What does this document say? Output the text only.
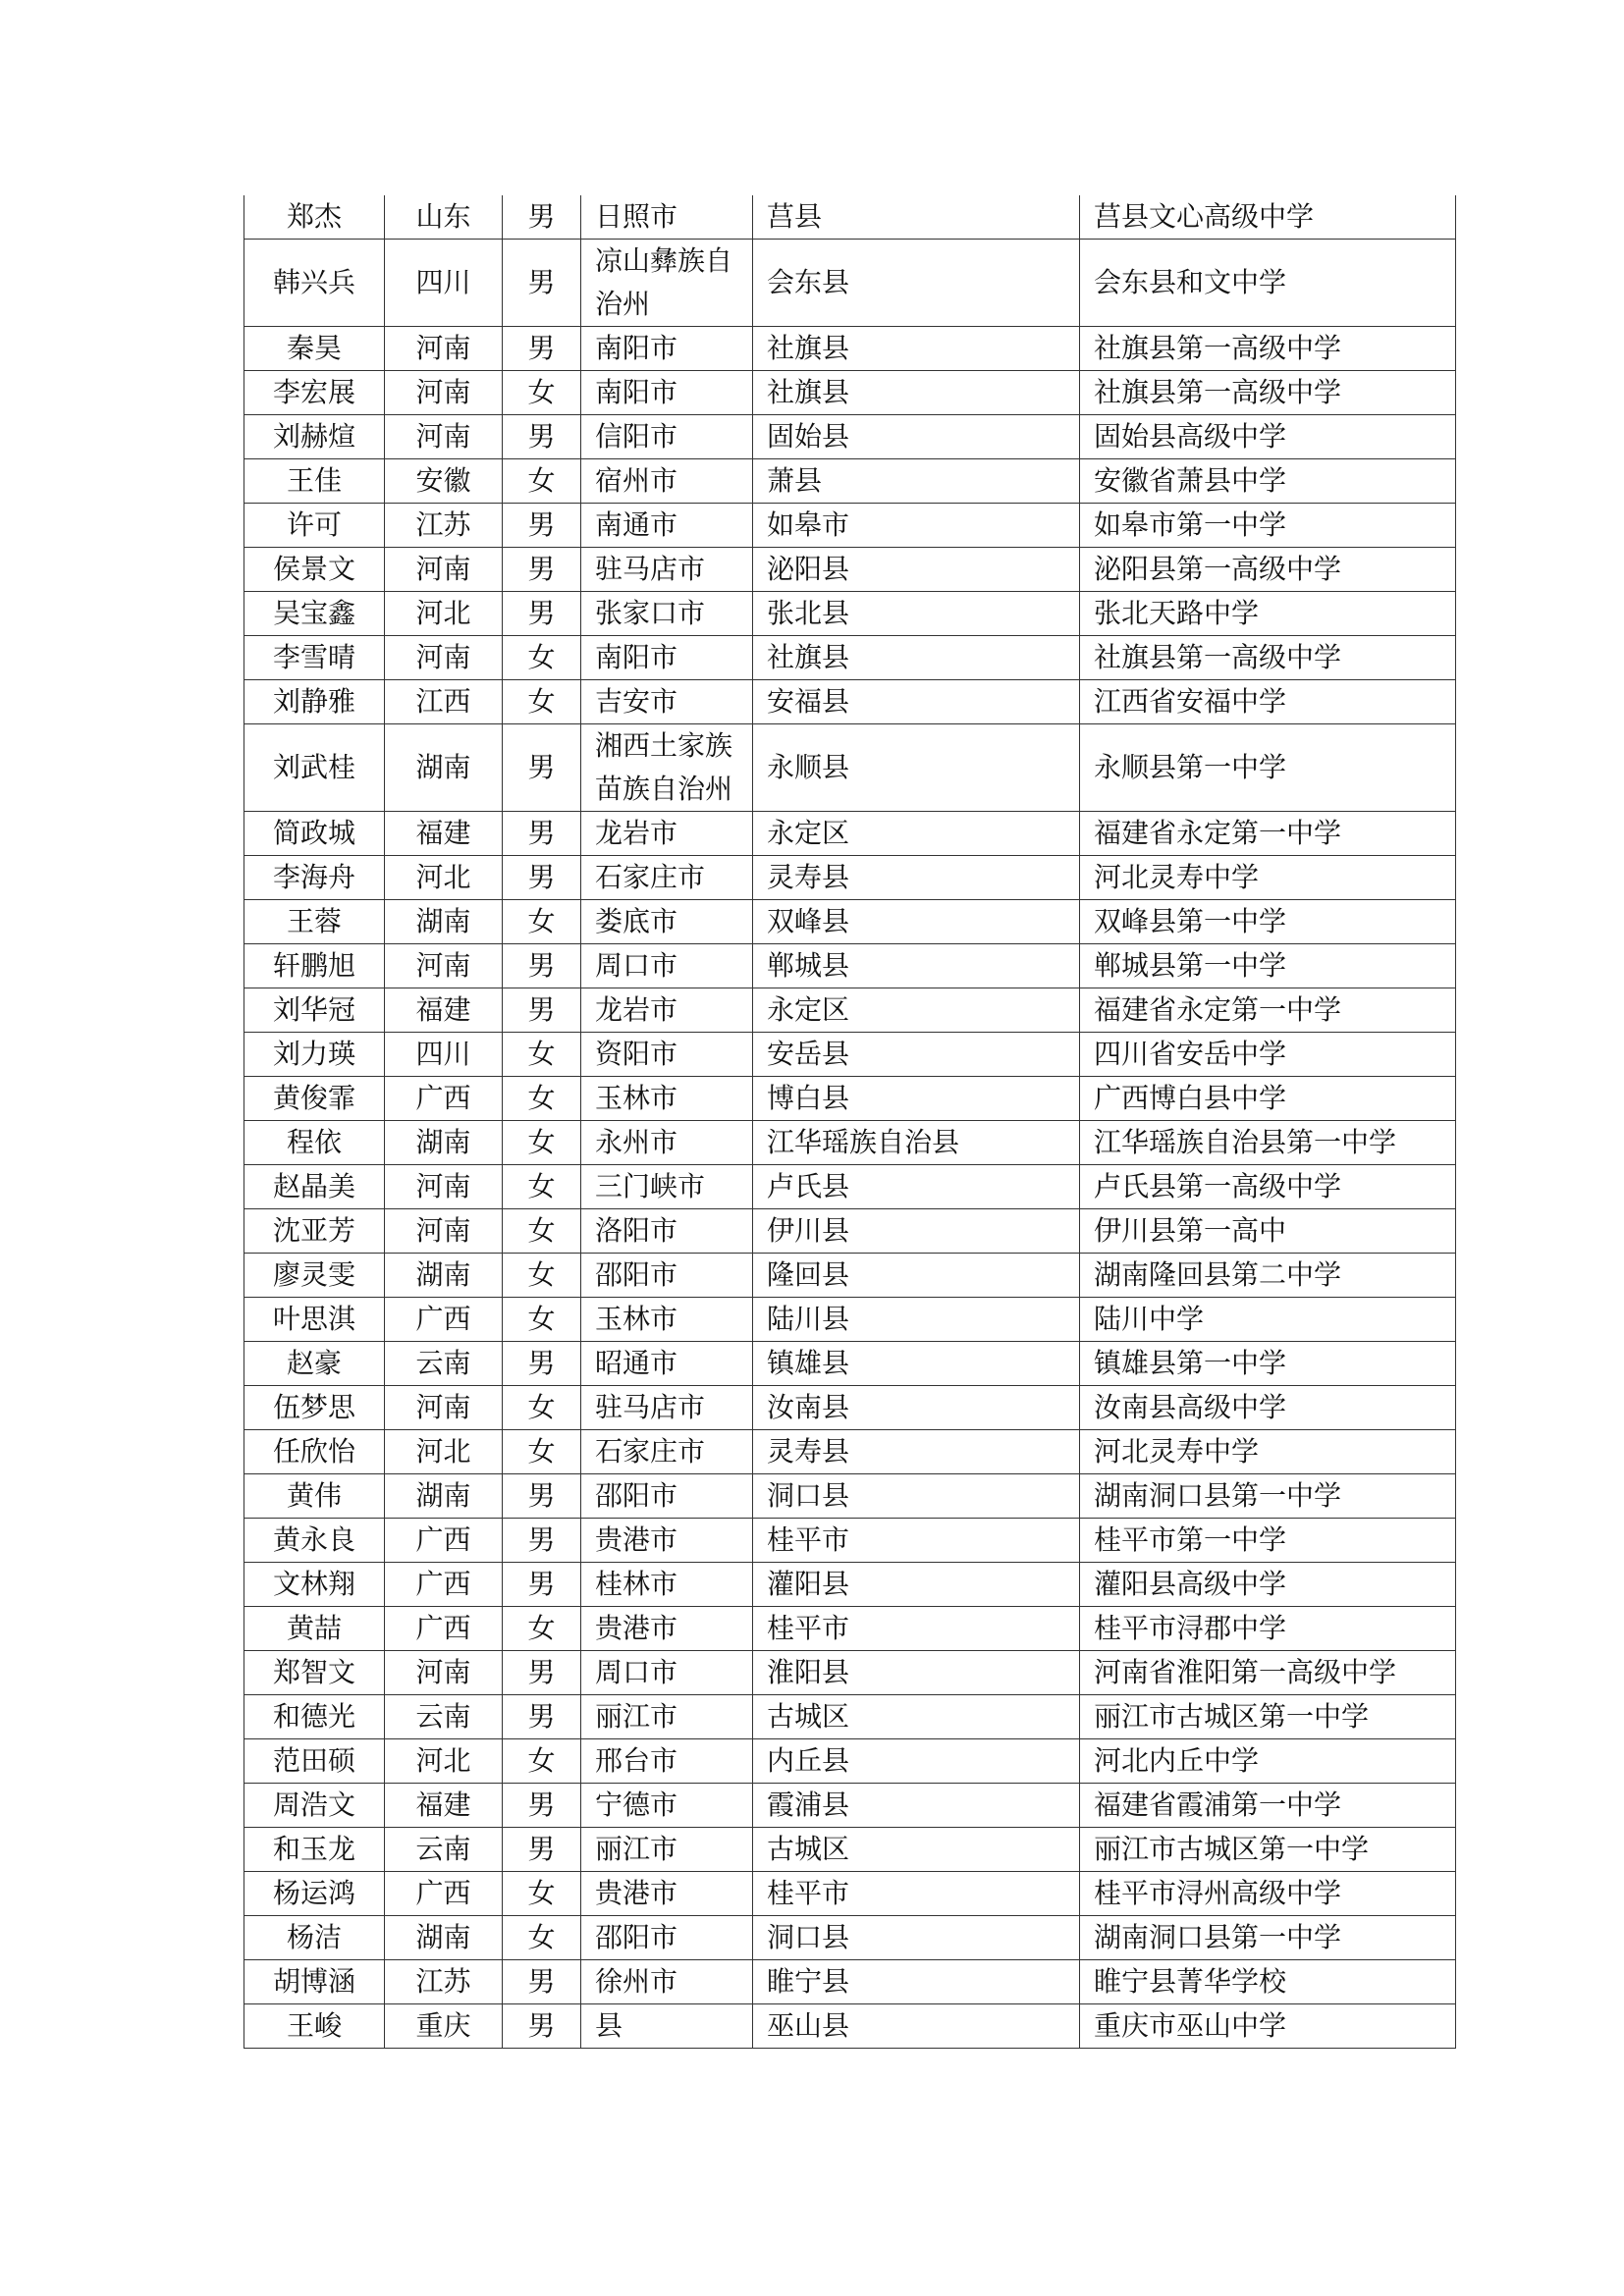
郑杰	山东	男	日照市	莒县	莒县文心高级中学
韩兴兵	四川	男	凉山彝族自治州	会东县	会东县和文中学
秦昊	河南	男	南阳市	社旗县	社旗县第一高级中学
李宏展	河南	女	南阳市	社旗县	社旗县第一高级中学
刘赫煊	河南	男	信阳市	固始县	固始县高级中学
王佳	安徽	女	宿州市	萧县	安徽省萧县中学
许可	江苏	男	南通市	如皋市	如皋市第一中学
侯景文	河南	男	驻马店市	泌阳县	泌阳县第一高级中学
吴宝鑫	河北	男	张家口市	张北县	张北天路中学
李雪晴	河南	女	南阳市	社旗县	社旗县第一高级中学
刘静雅	江西	女	吉安市	安福县	江西省安福中学
刘武桂	湖南	男	湘西土家族苗族自治州	永顺县	永顺县第一中学
简政城	福建	男	龙岩市	永定区	福建省永定第一中学
李海舟	河北	男	石家庄市	灵寿县	河北灵寿中学
王蓉	湖南	女	娄底市	双峰县	双峰县第一中学
轩鹏旭	河南	男	周口市	郸城县	郸城县第一中学
刘华冠	福建	男	龙岩市	永定区	福建省永定第一中学
刘力瑛	四川	女	资阳市	安岳县	四川省安岳中学
黄俊霏	广西	女	玉林市	博白县	广西博白县中学
程依	湖南	女	永州市	江华瑶族自治县	江华瑶族自治县第一中学
赵晶美	河南	女	三门峡市	卢氏县	卢氏县第一高级中学
沈亚芳	河南	女	洛阳市	伊川县	伊川县第一高中
廖灵雯	湖南	女	邵阳市	隆回县	湖南隆回县第二中学
叶思淇	广西	女	玉林市	陆川县	陆川中学
赵豪	云南	男	昭通市	镇雄县	镇雄县第一中学
伍梦思	河南	女	驻马店市	汝南县	汝南县高级中学
任欣怡	河北	女	石家庄市	灵寿县	河北灵寿中学
黄伟	湖南	男	邵阳市	洞口县	湖南洞口县第一中学
黄永良	广西	男	贵港市	桂平市	桂平市第一中学
文林翔	广西	男	桂林市	灌阳县	灌阳县高级中学
黄喆	广西	女	贵港市	桂平市	桂平市浔郡中学
郑智文	河南	男	周口市	淮阳县	河南省淮阳第一高级中学
和德光	云南	男	丽江市	古城区	丽江市古城区第一中学
范田硕	河北	女	邢台市	内丘县	河北内丘中学
周浩文	福建	男	宁德市	霞浦县	福建省霞浦第一中学
和玉龙	云南	男	丽江市	古城区	丽江市古城区第一中学
杨运鸿	广西	女	贵港市	桂平市	桂平市浔州高级中学
杨洁	湖南	女	邵阳市	洞口县	湖南洞口县第一中学
胡博涵	江苏	男	徐州市	睢宁县	睢宁县菁华学校
王峻	重庆	男	县	巫山县	重庆市巫山中学
